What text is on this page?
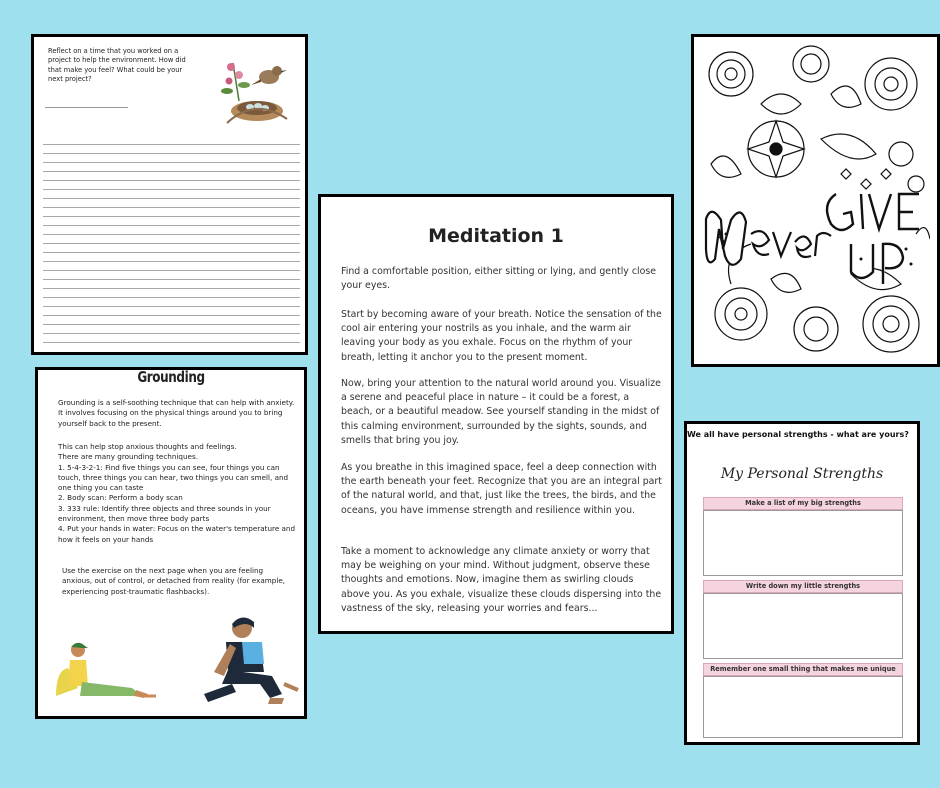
Reflect on a time that you worked on a project to help the environment. How did that make you feel? What could be your next project?
Grounding
Grounding is a self-soothing technique that can help with anxiety. It involves focusing on the physical things around you to bring yourself back to the present.
This can help stop anxious thoughts and feelings.
There are many grounding techniques.
1. 5-4-3-2-1: Find five things you can see, four things you can touch, three things you can hear, two things you can smell, and one thing you can taste
2. Body scan: Perform a body scan
3. 333 rule: Identify three objects and three sounds in your environment, then move three body parts
4. Put your hands in water: Focus on the water's temperature and how it feels on your hands
Use the exercise on the next page when you are feeling anxious, out of control, or detached from reality (for example, experiencing post-traumatic flashbacks).
Meditation 1
Find a comfortable position, either sitting or lying, and gently close your eyes.
Start by becoming aware of your breath. Notice the sensation of the cool air entering your nostrils as you inhale, and the warm air leaving your body as you exhale. Focus on the rhythm of your breath, letting it anchor you to the present moment.
Now, bring your attention to the natural world around you. Visualize a serene and peaceful place in nature – it could be a forest, a beach, or a beautiful meadow. See yourself standing in the midst of this calming environment, surrounded by the sights, sounds, and smells that bring you joy.
As you breathe in this imagined space, feel a deep connection with the earth beneath your feet. Recognize that you are an integral part of the natural world, and that, just like the trees, the birds, and the oceans, you have immense strength and resilience within you.
Take a moment to acknowledge any climate anxiety or worry that may be weighing on your mind. Without judgment, observe these thoughts and emotions. Now, imagine them as swirling clouds above you. As you exhale, visualize these clouds dispersing into the vastness of the sky, releasing your worries and fears...
We all have personal strengths - what are yours?
My Personal Strengths
Make a list of my big strengths
Write down my little strengths
Remember one small thing that makes me unique
